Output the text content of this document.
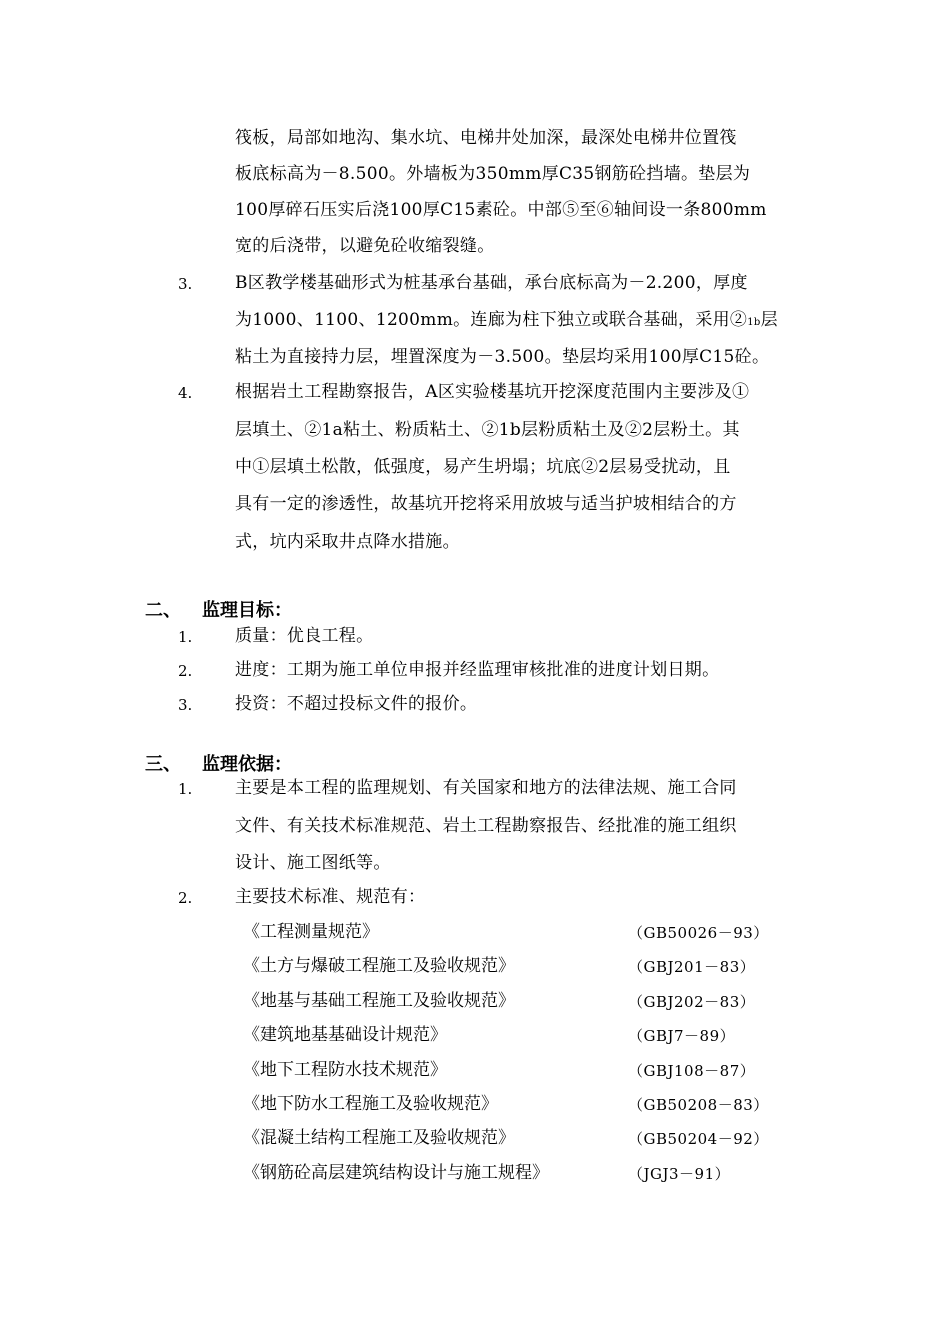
筏板，局部如地沟、集水坑、电梯井处加深，最深处电梯井位置筏
板底标高为－8.500。外墙板为350mm厚C35钢筋砼挡墙。垫层为
100厚碎石压实后浇100厚C15素砼。中部⑤至⑥轴间设一条800mm
宽的后浇带，以避免砼收缩裂缝。
3.	B区教学楼基础形式为桩基承台基础，承台底标高为－2.200，厚度
为1000、1100、1200mm。连廊为柱下独立或联合基础，采用②1b层
粘土为直接持力层，埋置深度为－3.500。垫层均采用100厚C15砼。
4.	根据岩土工程勘察报告，A区实验楼基坑开挖深度范围内主要涉及①
层填土、②1a粘土、粉质粘土、②1b层粉质粘土及②2层粉土。其
中①层填土松散，低强度，易产生坍塌；坑底②2层易受扰动，且
具有一定的渗透性，故基坑开挖将采用放坡与适当护坡相结合的方
式，坑内采取井点降水措施。
二、 监理目标：
1.	质量：优良工程。
2.	进度：工期为施工单位申报并经监理审核批准的进度计划日期。
3.	投资：不超过投标文件的报价。
三、 监理依据：
1.	主要是本工程的监理规划、有关国家和地方的法律法规、施工合同
文件、有关技术标准规范、岩土工程勘察报告、经批准的施工组织
设计、施工图纸等。
2.	主要技术标准、规范有：
《工程测量规范》	（GB50026－93）
《土方与爆破工程施工及验收规范》	（GBJ201－83）
《地基与基础工程施工及验收规范》	（GBJ202－83）
《建筑地基基础设计规范》	（GBJ7－89）
《地下工程防水技术规范》	（GBJ108－87）
《地下防水工程施工及验收规范》	（GB50208－83）
《混凝土结构工程施工及验收规范》	（GB50204－92）
《钢筋砼高层建筑结构设计与施工规程》	（JGJ3－91）
